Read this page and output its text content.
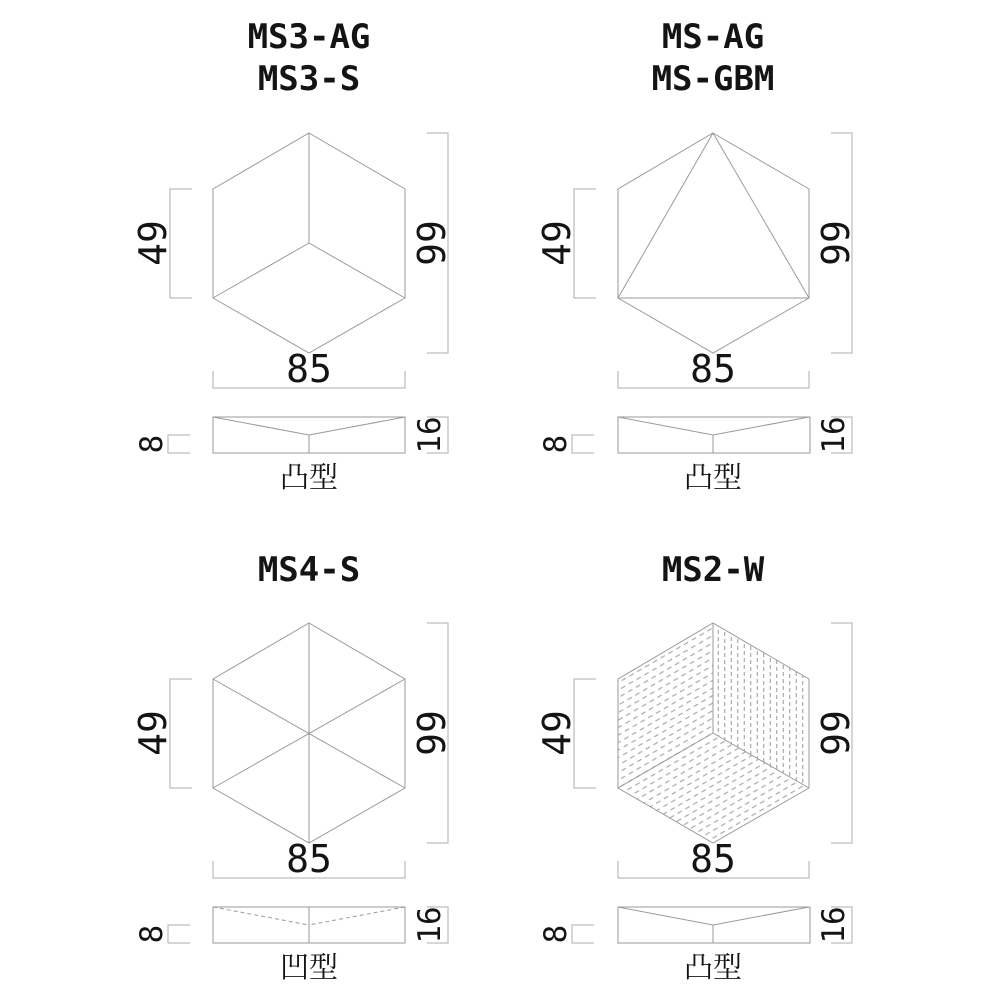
MS3-AG
MS3-S
49	99
85
8	16
凸型
MS-AG
MS-GBM
49	99
85
8	16
凸型
MS4-S
49	99
85
8	16
凹型
MS2-W
49	99
85
8	16
凸型
